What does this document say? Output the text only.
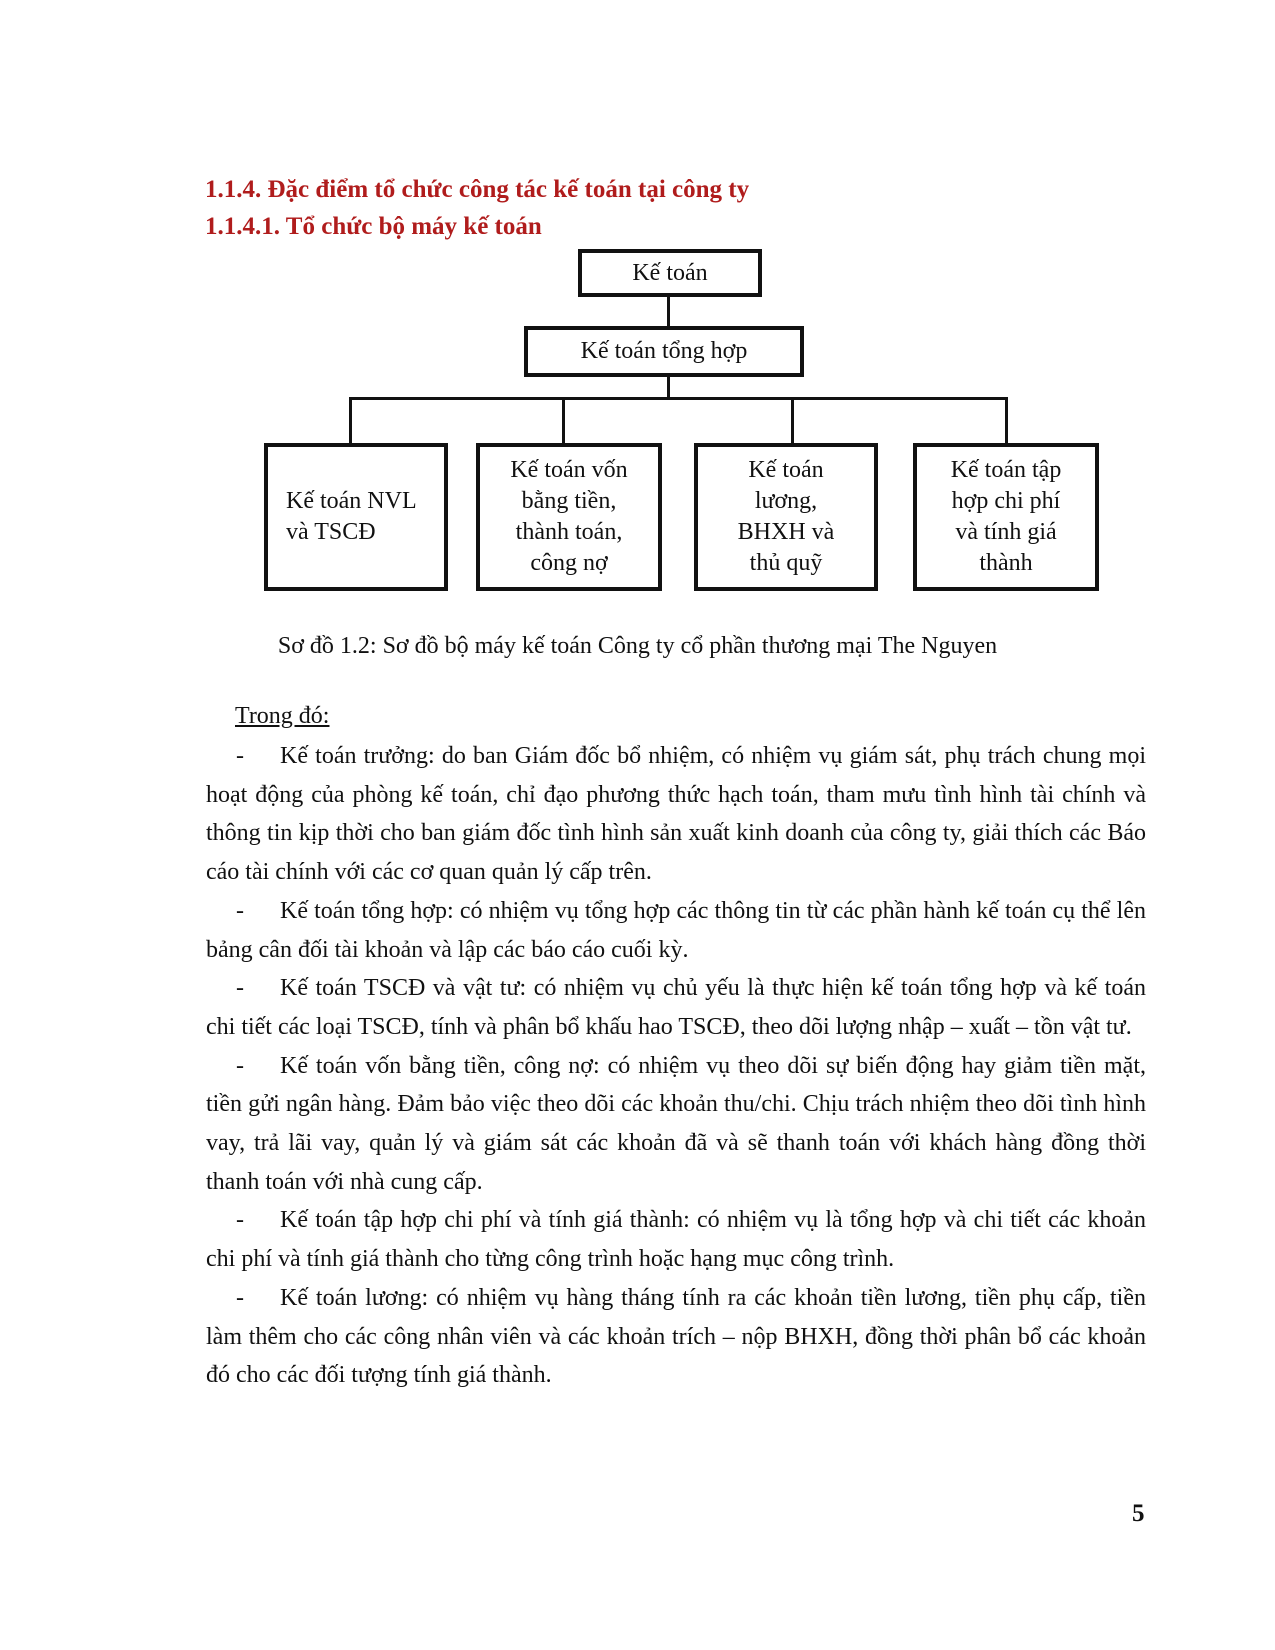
1.1.4. Đặc điểm tổ chức công tác kế toán tại công ty
1.1.4.1. Tổ chức bộ máy kế toán
Kế toán
Kế toán tổng hợp
Kế toán NVL và TSCĐ
Kế toán vốn bằng tiền, thành toán, công nợ
Kế toán lương, BHXH và thủ quỹ
Kế toán tập hợp chi phí và tính giá thành

Sơ đồ 1.2: Sơ đồ bộ máy kế toán Công ty cổ phần thương mại The Nguyen

Trong đó:

- Kế toán trưởng: do ban Giám đốc bổ nhiệm, có nhiệm vụ giám sát, phụ trách chung mọi hoạt động của phòng kế toán, chỉ đạo phương thức hạch toán, tham mưu tình hình tài chính và thông tin kịp thời cho ban giám đốc tình hình sản xuất kinh doanh của công ty, giải thích các Báo cáo tài chính với các cơ quan quản lý cấp trên.

- Kế toán tổng hợp: có nhiệm vụ tổng hợp các thông tin từ các phần hành kế toán cụ thể lên bảng cân đối tài khoản và lập các báo cáo cuối kỳ.

- Kế toán TSCĐ và vật tư: có nhiệm vụ chủ yếu là thực hiện kế toán tổng hợp và kế toán chi tiết các loại TSCĐ, tính và phân bổ khấu hao TSCĐ, theo dõi lượng nhập – xuất – tồn vật tư.

- Kế toán vốn bằng tiền, công nợ: có nhiệm vụ theo dõi sự biến động hay giảm tiền mặt, tiền gửi ngân hàng. Đảm bảo việc theo dõi các khoản thu/chi. Chịu trách nhiệm theo dõi tình hình vay, trả lãi vay, quản lý và giám sát các khoản đã và sẽ thanh toán với khách hàng đồng thời thanh toán với nhà cung cấp.

- Kế toán tập hợp chi phí và tính giá thành: có nhiệm vụ là tổng hợp và chi tiết các khoản chi phí và tính giá thành cho từng công trình hoặc hạng mục công trình.

- Kế toán lương: có nhiệm vụ hàng tháng tính ra các khoản tiền lương, tiền phụ cấp, tiền làm thêm cho các công nhân viên và các khoản trích – nộp BHXH, đồng thời phân bổ các khoản đó cho các đối tượng tính giá thành.

5
